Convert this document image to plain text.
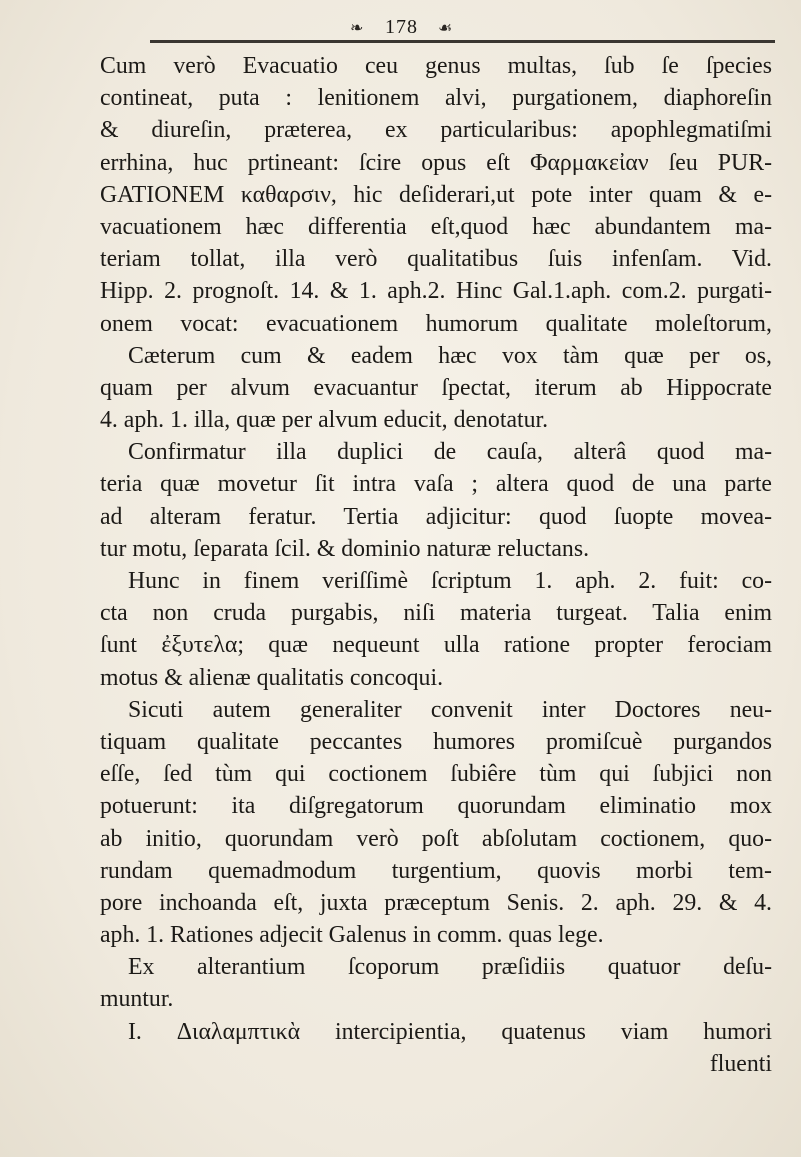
❧ 178 ☙
Cum verò Evacuatio ceu genus multas, ſub ſe ſpecies
contineat, puta : lenitionem alvi, purgationem, diaphoreſin
& diureſin, præterea, ex particularibus: apophlegmatiſmi
errhina, huc prtineant: ſcire opus eſt Φαρμακεἰαν ſeu PUR-
GATIONEM καθαρσιν, hic deſiderari,ut pote inter quam & e-
vacuationem hæc differentia eſt,quod hæc abundantem ma-
teriam tollat, illa verò qualitatibus ſuis infenſam. Vid.
Hipp. 2. prognoſt. 14. & 1. aph.2. Hinc Gal.1.aph. com.2. purgati-
onem vocat: evacuationem humorum qualitate moleſtorum,
Cæterum cum & eadem hæc vox tàm quæ per os,
quam per alvum evacuantur ſpectat, iterum ab Hippocrate
4. aph. 1. illa, quæ per alvum educit, denotatur.
Confirmatur illa duplici de cauſa, alterâ quod ma-
teria quæ movetur ſit intra vaſa ; altera quod de una parte
ad alteram feratur. Tertia adjicitur: quod ſuopte movea-
tur motu, ſeparata ſcil. & dominio naturæ reluctans.
Hunc in finem veriſſimè ſcriptum 1. aph. 2. fuit: co-
cta non cruda purgabis, niſi materia turgeat. Talia enim
ſunt ἐξυτελα; quæ nequeunt ulla ratione propter ferociam
motus & alienæ qualitatis concoqui.
Sicuti autem generaliter convenit inter Doctores neu-
tiquam qualitate peccantes humores promiſcuè purgandos
eſſe, ſed tùm qui coctionem ſubiêre tùm qui ſubjici non
potuerunt: ita diſgregatorum quorundam eliminatio mox
ab initio, quorundam verò poſt abſolutam coctionem, quo-
rundam quemadmodum turgentium, quovis morbi tem-
pore inchoanda eſt, juxta præceptum Senis. 2. aph. 29. & 4.
aph. 1. Rationes adjecit Galenus in comm. quas lege.
Ex alterantium ſcoporum præſidiis quatuor deſu-
muntur.
I. Διαλαμπτικὰ intercipientia, quatenus viam humori
fluenti
